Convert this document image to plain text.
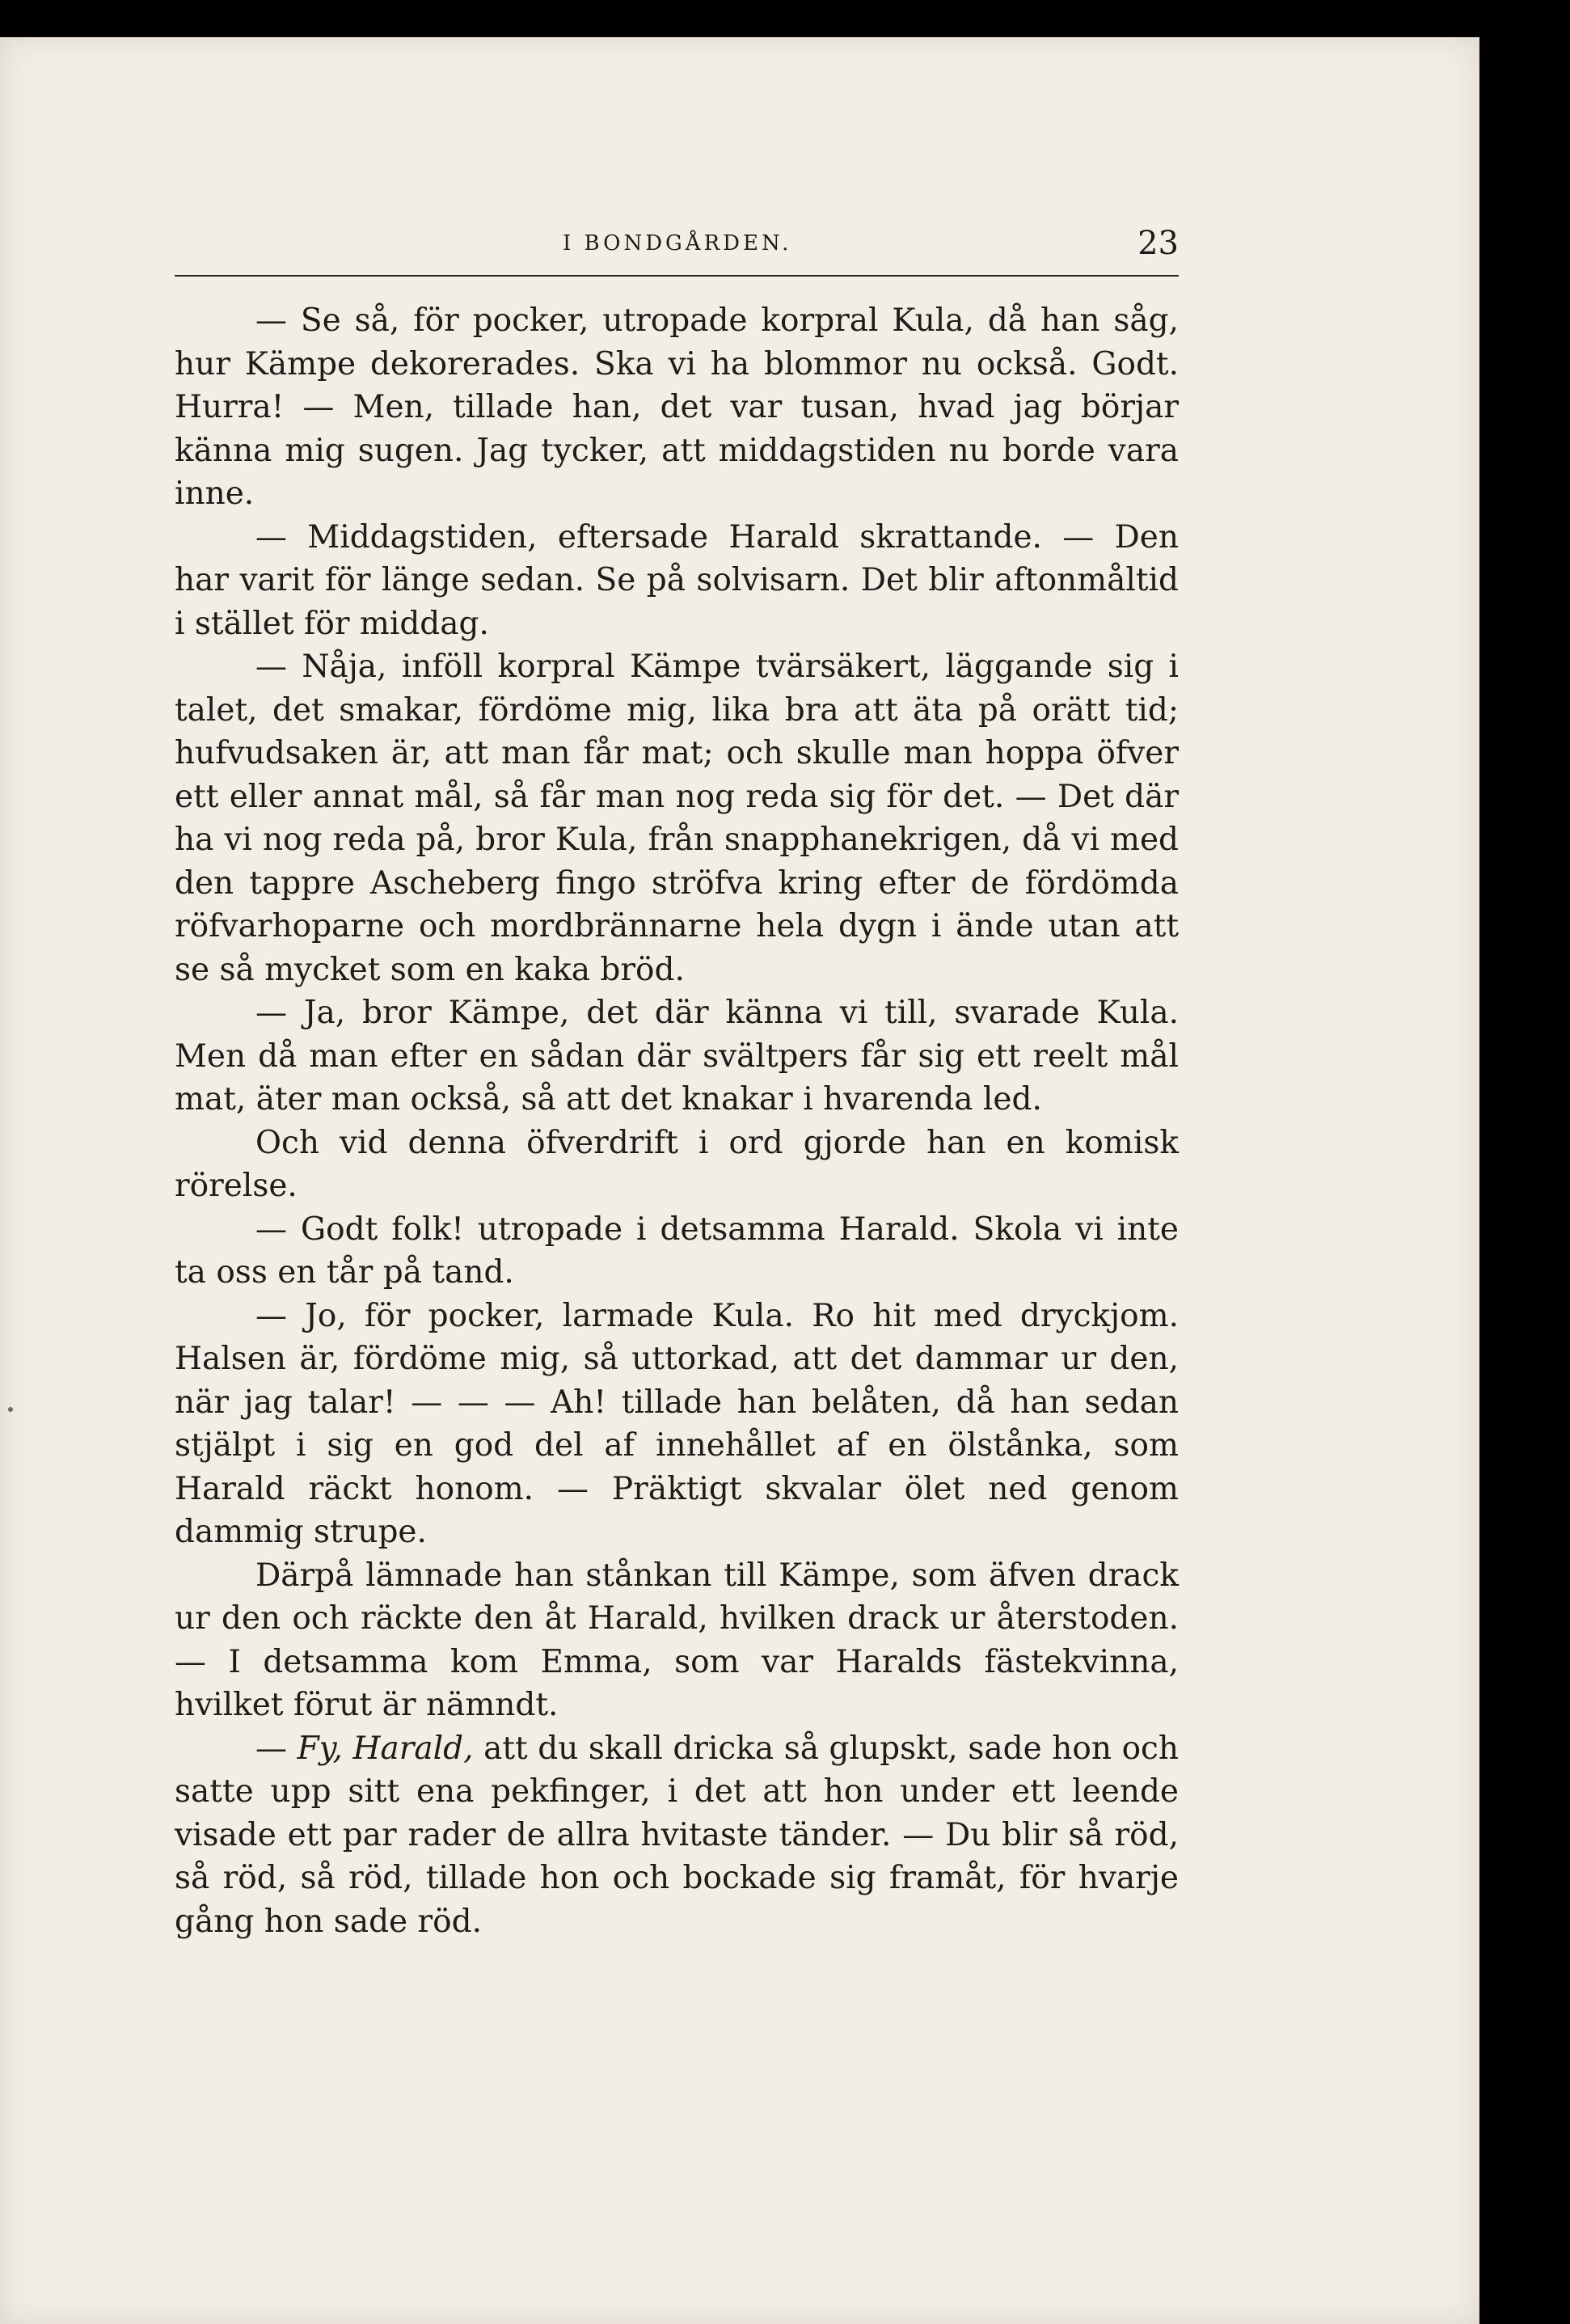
I BONDGÅRDEN.	23

— Se så, för pocker, utropade korpral Kula, då han såg, hur Kämpe dekorerades. Ska vi ha blommor nu också. Godt. Hurra! — Men, tillade han, det var tusan, hvad jag börjar känna mig sugen. Jag tycker, att middagstiden nu borde vara inne.

— Middagstiden, eftersade Harald skrattande. — Den har varit för länge sedan. Se på solvisarn. Det blir aftonmåltid i stället för middag.

— Nåja, inföll korpral Kämpe tvärsäkert, läggande sig i talet, det smakar, fördöme mig, lika bra att äta på orätt tid; hufvudsaken är, att man får mat; och skulle man hoppa öfver ett eller annat mål, så får man nog reda sig för det. — Det där ha vi nog reda på, bror Kula, från snapphanekrigen, då vi med den tappre Ascheberg fingo ströfva kring efter de fördömda röfvarhoparne och mordbrännarne hela dygn i ände utan att se så mycket som en kaka bröd.

— Ja, bror Kämpe, det där känna vi till, svarade Kula. Men då man efter en sådan där svältpers får sig ett reelt mål mat, äter man också, så att det knakar i hvarenda led.

Och vid denna öfverdrift i ord gjorde han en komisk rörelse.

— Godt folk! utropade i detsamma Harald. Skola vi inte ta oss en tår på tand.

— Jo, för pocker, larmade Kula. Ro hit med dryckjom. Halsen är, fördöme mig, så uttorkad, att det dammar ur den, när jag talar! — — — Ah! tillade han belåten, då han sedan stjälpt i sig en god del af innehållet af en ölstånka, som Harald räckt honom. — Präktigt skvalar ölet ned genom dammig strupe.

Därpå lämnade han stånkan till Kämpe, som äfven drack ur den och räckte den åt Harald, hvilken drack ur återstoden. — I detsamma kom Emma, som var Haralds fästekvinna, hvilket förut är nämndt.

— Fy, Harald, att du skall dricka så glupskt, sade hon och satte upp sitt ena pekfinger, i det att hon under ett leende visade ett par rader de allra hvitaste tänder. — Du blir så röd, så röd, så röd, tillade hon och bockade sig framåt, för hvarje gång hon sade röd.
